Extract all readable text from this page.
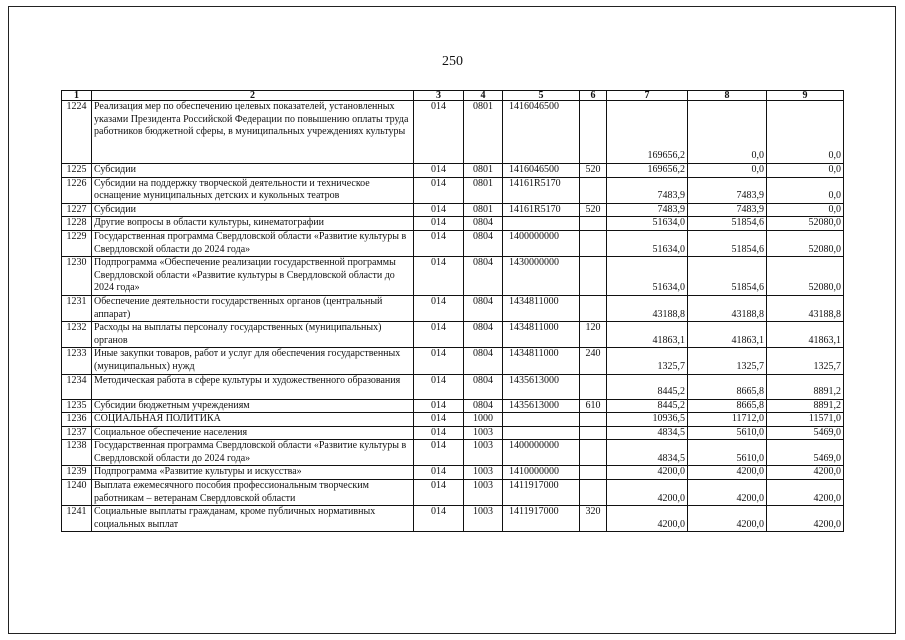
250
1	2	3	4	5	6	7	8	9
1224	Реализация мер по обеспечению целевых показателей, установленных указами Президента Российской Федерации по повышению оплаты труда работников бюджетной сферы, в муниципальных учреждениях культуры	014	0801	1416046500		169656,2	0,0	0,0
1225	Субсидии	014	0801	1416046500	520	169656,2	0,0	0,0
1226	Субсидии на поддержку творческой деятельности и техническое оснащение муниципальных детских и кукольных театров	014	0801	14161R5170		7483,9	7483,9	0,0
1227	Субсидии	014	0801	14161R5170	520	7483,9	7483,9	0,0
1228	Другие вопросы в области культуры, кинематографии	014	0804			51634,0	51854,6	52080,0
1229	Государственная программа Свердловской области «Развитие культуры в Свердловской области до 2024 года»	014	0804	1400000000		51634,0	51854,6	52080,0
1230	Подпрограмма «Обеспечение реализации государственной программы Свердловской области «Развитие культуры в Свердловской области до 2024 года»	014	0804	1430000000		51634,0	51854,6	52080,0
1231	Обеспечение деятельности государственных органов (центральный аппарат)	014	0804	1434811000		43188,8	43188,8	43188,8
1232	Расходы на выплаты персоналу государственных (муниципальных) органов	014	0804	1434811000	120	41863,1	41863,1	41863,1
1233	Иные закупки товаров, работ и услуг для обеспечения государственных (муниципальных) нужд	014	0804	1434811000	240	1325,7	1325,7	1325,7
1234	Методическая работа в сфере культуры и художественного образования	014	0804	1435613000		8445,2	8665,8	8891,2
1235	Субсидии бюджетным учреждениям	014	0804	1435613000	610	8445,2	8665,8	8891,2
1236	СОЦИАЛЬНАЯ ПОЛИТИКА	014	1000			10936,5	11712,0	11571,0
1237	Социальное обеспечение населения	014	1003			4834,5	5610,0	5469,0
1238	Государственная программа Свердловской области «Развитие культуры в Свердловской области до 2024 года»	014	1003	1400000000		4834,5	5610,0	5469,0
1239	Подпрограмма «Развитие культуры и искусства»	014	1003	1410000000		4200,0	4200,0	4200,0
1240	Выплата ежемесячного пособия профессиональным творческим работникам – ветеранам Свердловской области	014	1003	1411917000		4200,0	4200,0	4200,0
1241	Социальные выплаты гражданам, кроме публичных нормативных социальных выплат	014	1003	1411917000	320	4200,0	4200,0	4200,0
